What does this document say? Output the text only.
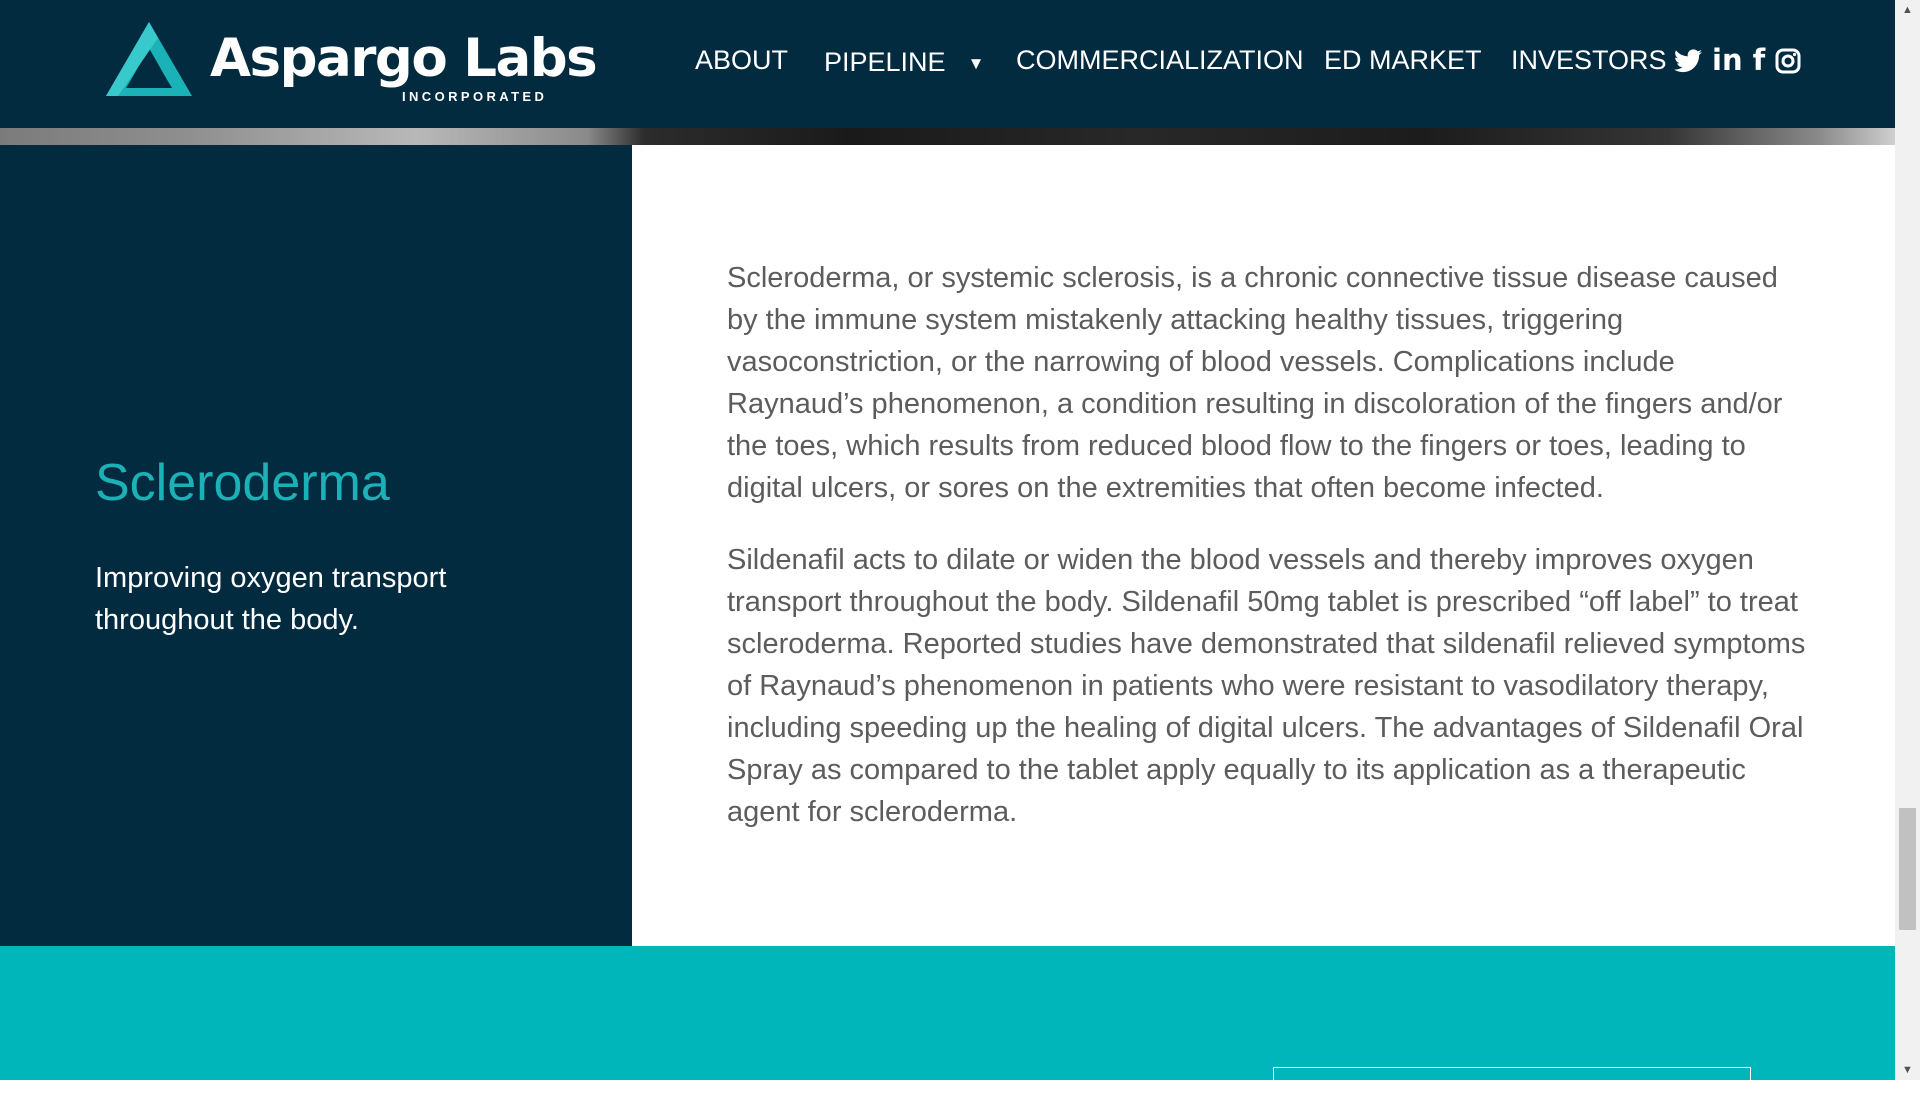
Aspargo Labs
INCORPORATED
ABOUT PIPELINE ▼ COMMERCIALIZATION ED MARKET INVESTORS in f
Scleroderma

Improving oxygen transport throughout the body.

Scleroderma, or systemic sclerosis, is a chronic connective tissue disease caused by the immune system mistakenly attacking healthy tissues, triggering vasoconstriction, or the narrowing of blood vessels. Complications include Raynaud’s phenomenon, a condition resulting in discoloration of the fingers and/or the toes, which results from reduced blood flow to the fingers or toes, leading to digital ulcers, or sores on the extremities that often become infected.

Sildenafil acts to dilate or widen the blood vessels and thereby improves oxygen transport throughout the body. Sildenafil 50mg tablet is prescribed “off label” to treat scleroderma. Reported studies have demonstrated that sildenafil relieved symptoms of Raynaud’s phenomenon in patients who were resistant to vasodilatory therapy, including speeding up the healing of digital ulcers. The advantages of Sildenafil Oral Spray as compared to the tablet apply equally to its application as a therapeutic agent for scleroderma.

▲
▼
